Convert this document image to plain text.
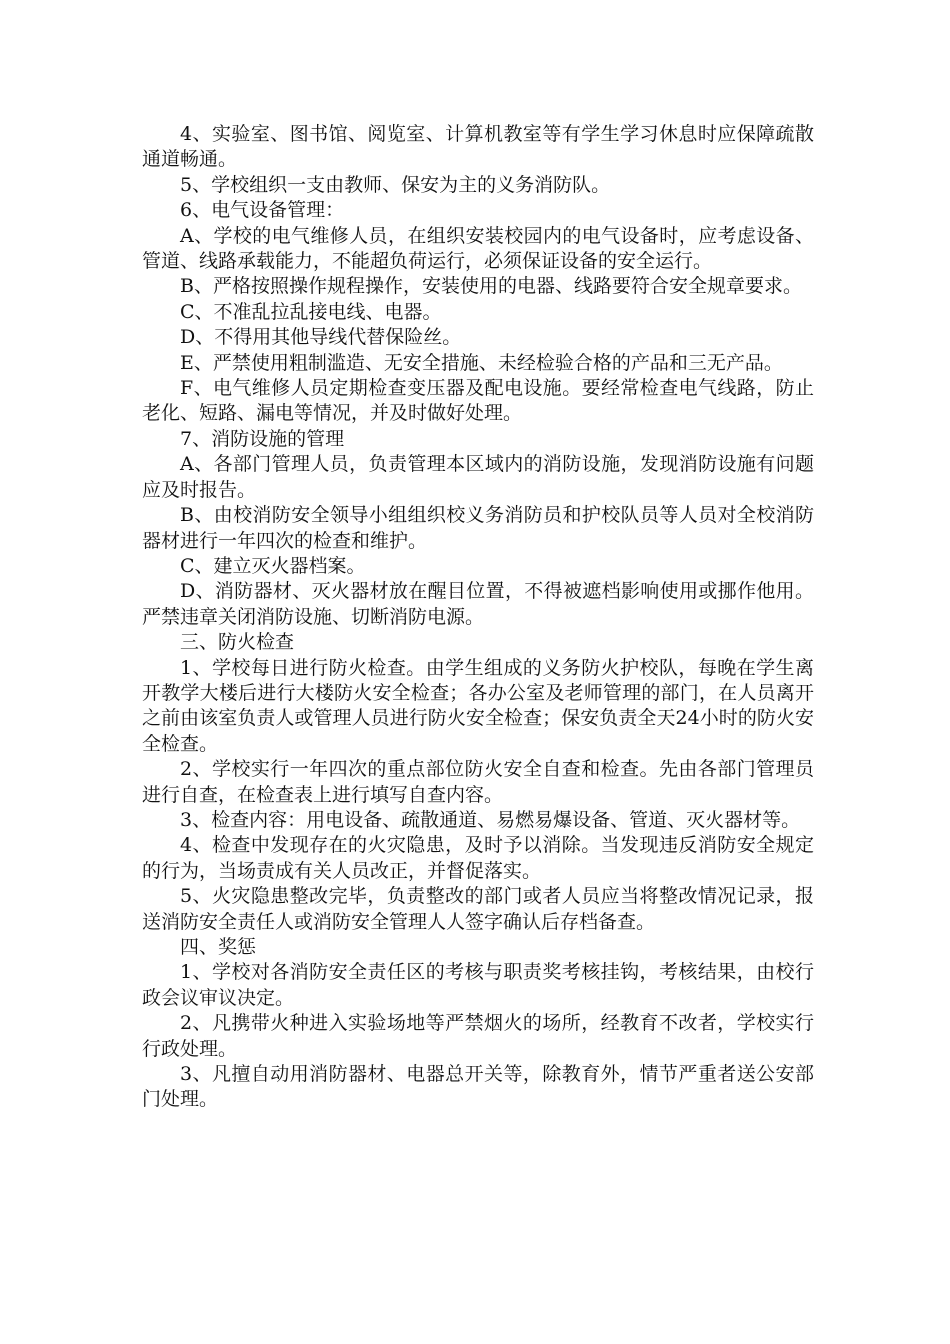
4、实验室、图书馆、阅览室、计算机教室等有学生学习休息时应保障疏散通道畅通。

5、学校组织一支由教师、保安为主的义务消防队。

6、电气设备管理：

A、学校的电气维修人员，在组织安装校园内的电气设备时，应考虑设备、管道、线路承载能力，不能超负荷运行，必须保证设备的安全运行。

B、严格按照操作规程操作，安装使用的电器、线路要符合安全规章要求。

C、不准乱拉乱接电线、电器。

D、不得用其他导线代替保险丝。

E、严禁使用粗制滥造、无安全措施、未经检验合格的产品和三无产品。

F、电气维修人员定期检查变压器及配电设施。要经常检查电气线路，防止老化、短路、漏电等情况，并及时做好处理。

7、消防设施的管理

A、各部门管理人员，负责管理本区域内的消防设施，发现消防设施有问题应及时报告。

B、由校消防安全领导小组组织校义务消防员和护校队员等人员对全校消防器材进行一年四次的检查和维护。

C、建立灭火器档案。

D、消防器材、灭火器材放在醒目位置，不得被遮档影响使用或挪作他用。严禁违章关闭消防设施、切断消防电源。

三、防火检查

1、学校每日进行防火检查。由学生组成的义务防火护校队，每晚在学生离开教学大楼后进行大楼防火安全检查；各办公室及老师管理的部门，在人员离开之前由该室负责人或管理人员进行防火安全检查；保安负责全天24小时的防火安全检查。

2、学校实行一年四次的重点部位防火安全自查和检查。先由各部门管理员进行自查，在检查表上进行填写自查内容。

3、检查内容：用电设备、疏散通道、易燃易爆设备、管道、灭火器材等。

4、检查中发现存在的火灾隐患，及时予以消除。当发现违反消防安全规定的行为，当场责成有关人员改正，并督促落实。

5、火灾隐患整改完毕，负责整改的部门或者人员应当将整改情况记录，报送消防安全责任人或消防安全管理人人签字确认后存档备查。

四、奖惩

1、学校对各消防安全责任区的考核与职责奖考核挂钩，考核结果，由校行政会议审议决定。

2、凡携带火种进入实验场地等严禁烟火的场所，经教育不改者，学校实行行政处理。

3、凡擅自动用消防器材、电器总开关等，除教育外，情节严重者送公安部门处理。
